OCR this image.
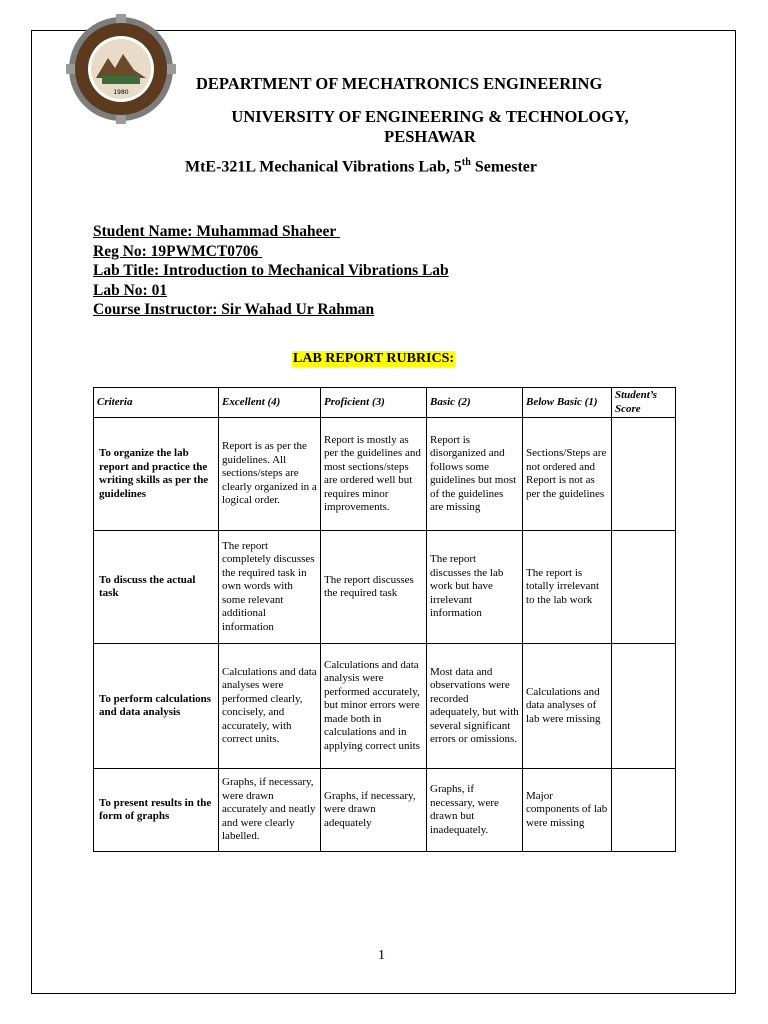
1980	DEPARTMENT OF MECHATRONICS ENGINEERING
UNIVERSITY OF ENGINEERING & TECHNOLOGY, PESHAWAR
MtE-321L Mechanical Vibrations Lab, 5th Semester
Student Name: Muhammad Shaheer
Reg No: 19PWMCT0706
Lab Title: Introduction to Mechanical Vibrations Lab
Lab No: 01
Course Instructor: Sir Wahad Ur Rahman
LAB REPORT RUBRICS:
Criteria	Excellent (4)	Proficient (3)	Basic (2)	Below Basic (1)	Student’s Score
To organize the lab report and practice the writing skills as per the guidelines	Report is as per the guidelines. All sections/steps are clearly organized in a logical order.	Report is mostly as per the guidelines and most sections/steps are ordered well but requires minor improvements.	Report is disorganized and follows some guidelines but most of the guidelines are missing	Sections/Steps are not ordered and Report is not as per the guidelines	
To discuss the actual task	The report completely discusses the required task in own words with some relevant additional information	The report discusses the required task	The report discusses the lab work but have irrelevant information	The report is totally irrelevant to the lab work	
To perform calculations and data analysis	Calculations and data analyses were performed clearly, concisely, and accurately, with correct units.	Calculations and data analysis were performed accurately, but minor errors were made both in calculations and in applying correct units	Most data and observations were recorded adequately, but with several significant errors or omissions.	Calculations and data analyses of lab were missing	
To present results in the form of graphs	Graphs, if necessary, were drawn accurately and neatly and were clearly labelled.	Graphs, if necessary, were drawn adequately	Graphs, if necessary, were drawn but inadequately.	Major components of lab were missing	
1
